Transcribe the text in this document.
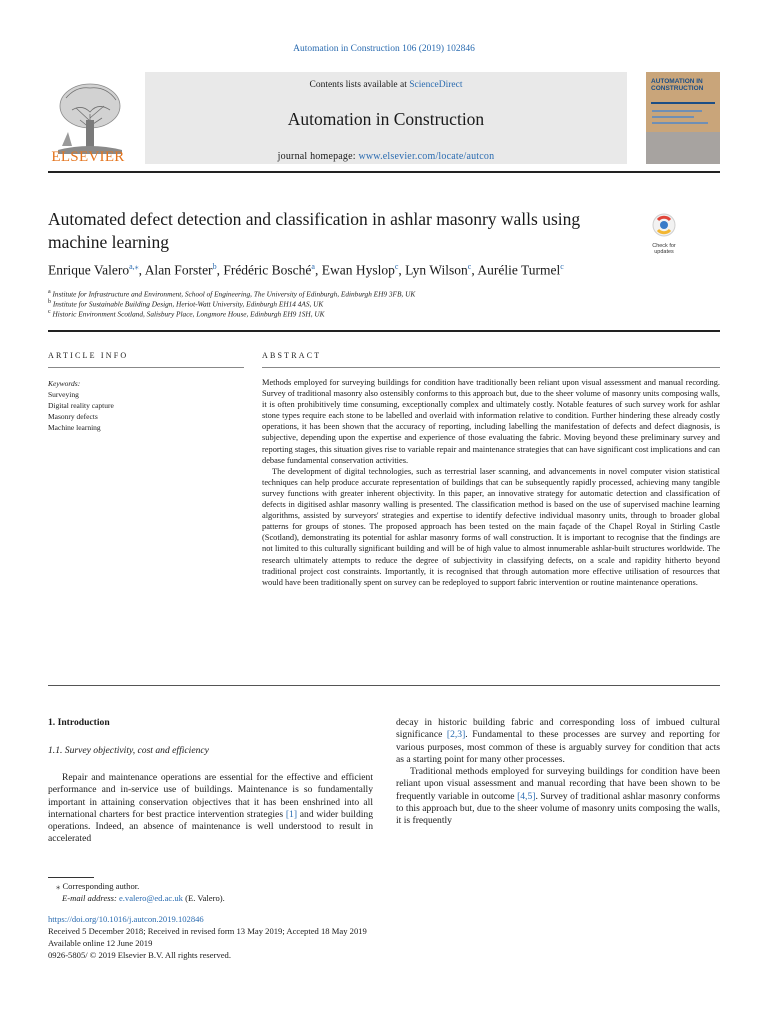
Automation in Construction 106 (2019) 102846
Contents lists available at ScienceDirect
Automation in Construction
journal homepage: www.elsevier.com/locate/autcon
ELSEVIER
AUTOMATION IN CONSTRUCTION
Automated defect detection and classification in ashlar masonry walls using
machine learning	Check for updates
Enrique Valero$^{a,⁎}$, Alan Forster$^b$, Frédéric Bosché$^a$, Ewan Hyslop$^c$, Lyn Wilson$^c$, Aurélie Turmel$^c$
$^a$ Institute for Infrastructure and Environment, School of Engineering, The University of Edinburgh, Edinburgh EH9 3FB, UK
$^b$ Institute for Sustainable Building Design, Heriot-Watt University, Edinburgh EH14 4AS, UK
$^c$ Historic Environment Scotland, Salisbury Place, Longmore House, Edinburgh EH9 1SH, UK
ARTICLE INFO
Keywords:
Surveying
Digital reality capture
Masonry defects
Machine learning
ABSTRACT

Methods employed for surveying buildings for condition have traditionally been reliant upon visual assessment and manual recording. Survey of traditional masonry also ostensibly conforms to this approach but, due to the sheer volume of masonry units composing walls, it is often prohibitively time consuming, exceptionally complex and ultimately costly. Notable features of such survey work for ashlar stone types require each stone to be labelled and overlaid with information relative to condition. Further hindering these already costly operations, it has been shown that the accuracy of reporting, including labelling the manifestation of defects and defect diagnosis, is subjective, depending upon the expertise and experience of those evaluating the fabric. Moving beyond these preliminary survey and reporting stages, this situation gives rise to variable repair and maintenance strategies that can have significant cost implications and can debase fundamental conservation activities.

The development of digital technologies, such as terrestrial laser scanning, and advancements in novel computer vision statistical techniques can help produce accurate representation of buildings that can be subsequently rapidly processed, achieving many tangible survey functions with greater inherent objectivity. In this paper, an innovative strategy for automatic detection and classification of defects in digitised ashlar masonry walling is presented. The classification method is based on the use of supervised machine learning algorithms, assisted by surveyors' strategies and expertise to identify defective individual masonry units, through to broader global patterns for groups of stones. The proposed approach has been tested on the main façade of the Chapel Royal in Stirling Castle (Scotland), demonstrating its potential for ashlar masonry forms of wall construction. It is important to recognise that the findings are not limited to this culturally significant building and will be of high value to almost innumerable ashlar-built structures worldwide. The research ultimately attempts to reduce the degree of subjectivity in classifying defects, on a scale and rapidity hitherto beyond traditional project cost constraints. Importantly, it is recognised that through automation more effective utilisation of resources that would have been traditionally spent on survey can be redeployed to support fabric intervention or routine maintenance operations.

1. Introduction
1.1. Survey objectivity, cost and efficiency

Repair and maintenance operations are essential for the effective and efficient performance and in-service use of buildings. Maintenance is so fundamentally important in attaining conservation objectives that it has been enshrined into all international charters for best practice intervention strategies [1] and wider building operations. Indeed, an absence of maintenance is well understood to result in accelerated

decay in historic building fabric and corresponding loss of imbued cultural significance [2,3]. Fundamental to these processes are survey and reporting for various purposes, most common of these is arguably survey for condition that acts as a starting point for many other processes.

Traditional methods employed for surveying buildings for condition have been reliant upon visual assessment and manual recording that have been shown to be frequently variable in outcome [4,5]. Survey of traditional ashlar masonry conforms to this approach but, due to the sheer volume of masonry units composing the walls, it is frequently

⁎ Corresponding author.
E-mail address: e.valero@ed.ac.uk (E. Valero).
https://doi.org/10.1016/j.autcon.2019.102846
Received 5 December 2018; Received in revised form 13 May 2019; Accepted 18 May 2019
Available online 12 June 2019
0926-5805/ © 2019 Elsevier B.V. All rights reserved.
